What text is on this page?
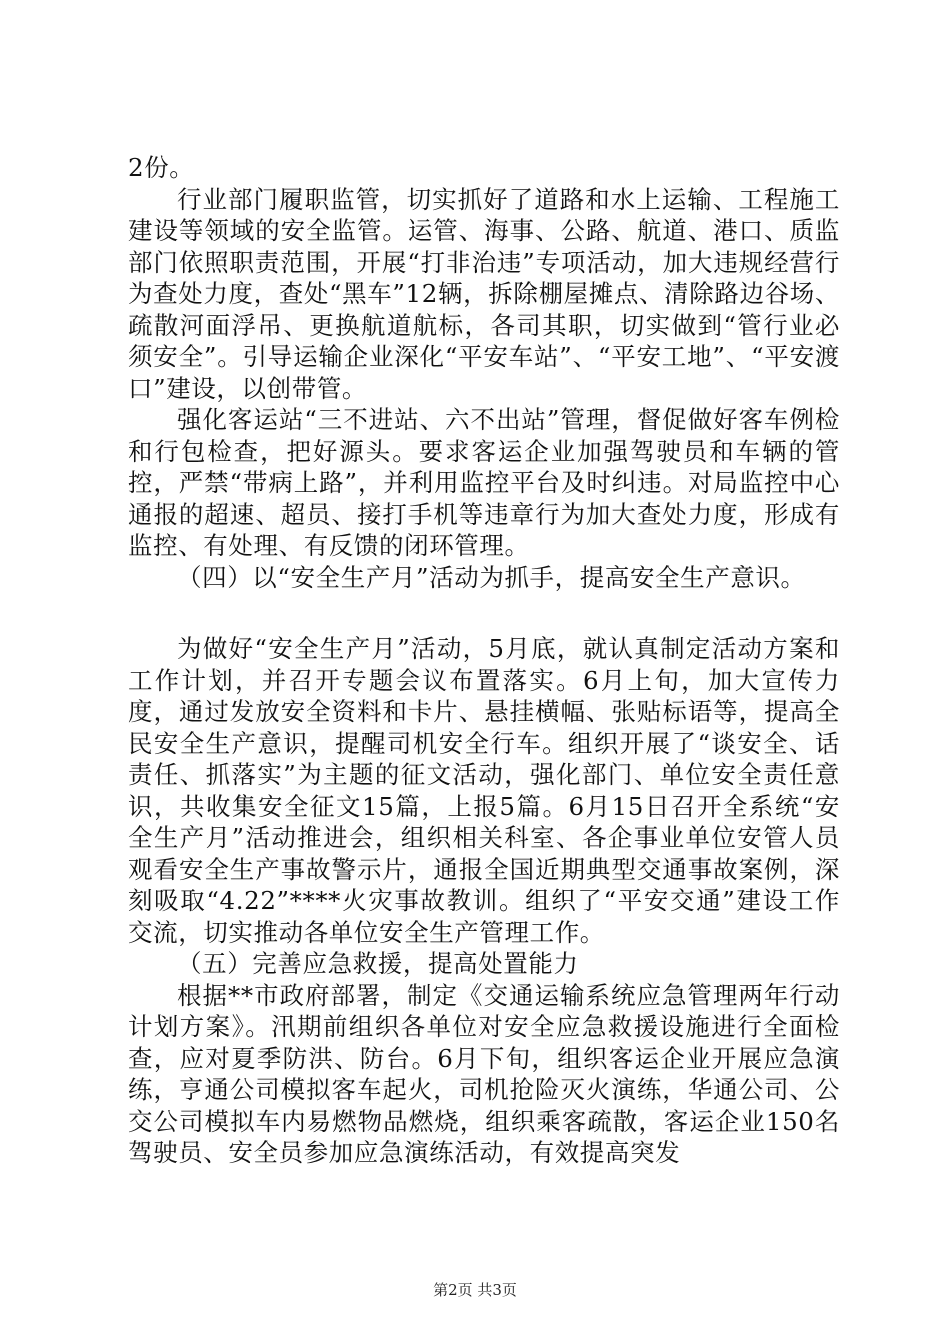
2份。

行业部门履职监管，切实抓好了道路和水上运输、工程施工建设等领域的安全监管。运管、海事、公路、航道、港口、质监部门依照职责范围，开展“打非治违”专项活动，加大违规经营行为查处力度，查处“黑车”12辆，拆除棚屋摊点、清除路边谷场、疏散河面浮吊、更换航道航标，各司其职，切实做到“管行业必须安全”。引导运输企业深化“平安车站”、“平安工地”、“平安渡口”建设，以创带管。

强化客运站“三不进站、六不出站”管理，督促做好客车例检和行包检查，把好源头。要求客运企业加强驾驶员和车辆的管控，严禁“带病上路”，并利用监控平台及时纠违。对局监控中心通报的超速、超员、接打手机等违章行为加大查处力度，形成有监控、有处理、有反馈的闭环管理。

（四）以“安全生产月”活动为抓手，提高安全生产意识。

为做好“安全生产月”活动，5月底，就认真制定活动方案和工作计划，并召开专题会议布置落实。6月上旬，加大宣传力度，通过发放安全资料和卡片、悬挂横幅、张贴标语等，提高全民安全生产意识，提醒司机安全行车。组织开展了“谈安全、话责任、抓落实”为主题的征文活动，强化部门、单位安全责任意识，共收集安全征文15篇，上报5篇。6月15日召开全系统“安全生产月”活动推进会，组织相关科室、各企事业单位安管人员观看安全生产事故警示片，通报全国近期典型交通事故案例，深刻吸取“4.22”****火灾事故教训。组织了“平安交通”建设工作交流，切实推动各单位安全生产管理工作。

（五）完善应急救援，提高处置能力

根据**市政府部署，制定《交通运输系统应急管理两年行动计划方案》。汛期前组织各单位对安全应急救援设施进行全面检查，应对夏季防洪、防台。6月下旬，组织客运企业开展应急演练，亨通公司模拟客车起火，司机抢险灭火演练，华通公司、公交公司模拟车内易燃物品燃烧，组织乘客疏散，客运企业150名驾驶员、安全员参加应急演练活动，有效提高突发

第2页 共3页
